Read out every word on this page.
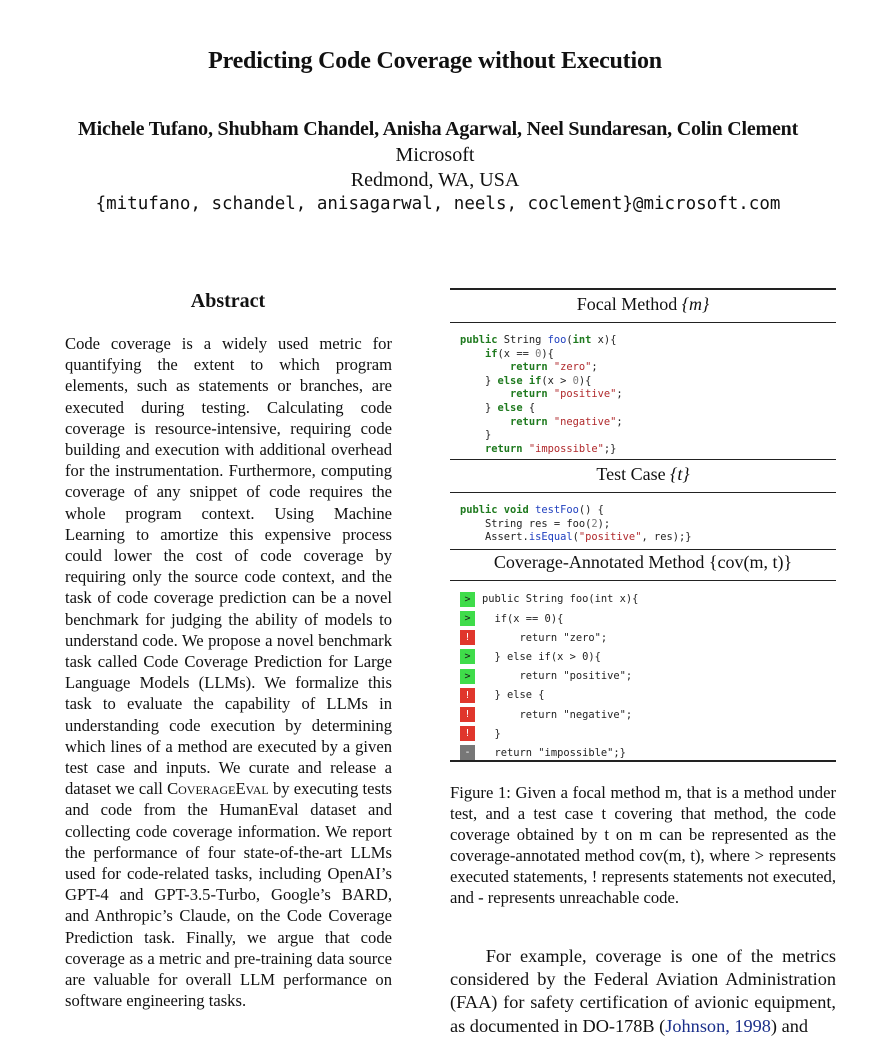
Predicting Code Coverage without Execution
Michele Tufano, Shubham Chandel, Anisha Agarwal, Neel Sundaresan, Colin Clement
Microsoft
Redmond, WA, USA
{mitufano, schandel, anisagarwal, neels, coclement}@microsoft.com
Abstract
Code coverage is a widely used metric for quantifying the extent to which program elements, such as statements or branches, are executed during testing. Calculating code coverage is resource-intensive, requiring code building and execution with additional overhead for the instrumentation. Furthermore, computing coverage of any snippet of code requires the whole program context. Using Machine Learning to amortize this expensive process could lower the cost of code coverage by requiring only the source code context, and the task of code coverage prediction can be a novel benchmark for judging the ability of models to understand code. We propose a novel benchmark task called Code Coverage Prediction for Large Language Models (LLMs). We formalize this task to evaluate the capability of LLMs in understanding code execution by determining which lines of a method are executed by a given test case and inputs. We curate and release a dataset we call CoverageEval by executing tests and code from the HumanEval dataset and collecting code coverage information. We report the performance of four state-of-the-art LLMs used for code-related tasks, including OpenAI’s GPT-4 and GPT-3.5-Turbo, Google’s BARD, and Anthropic’s Claude, on the Code Coverage Prediction task. Finally, we argue that code coverage as a metric and pre-training data source are valuable for overall LLM performance on software engineering tasks.
Focal Method {m}
public String foo(int x){
if(x == 0){
return "zero";
} else if(x > 0){
return "positive";
} else {
return "negative";
}
return "impossible";}
Test Case {t}
public void testFoo() {
String res = foo(2);
Assert.isEqual("positive", res);}
Coverage-Annotated Method {cov(m, t)}
>	public String foo(int x){
>	if(x == 0){
!	return "zero";
>	} else if(x > 0){
>	return "positive";
!	} else {
!	return "negative";
!	}
-	return "impossible";}
Figure 1: Given a focal method m, that is a method under test, and a test case t covering that method, the code coverage obtained by t on m can be represented as the coverage-annotated method cov(m, t), where > represents executed statements, ! represents statements not executed, and - represents unreachable code.
For example, coverage is one of the metrics considered by the Federal Aviation Administration (FAA) for safety certification of avionic equipment, as documented in DO-178B (Johnson, 1998) and
